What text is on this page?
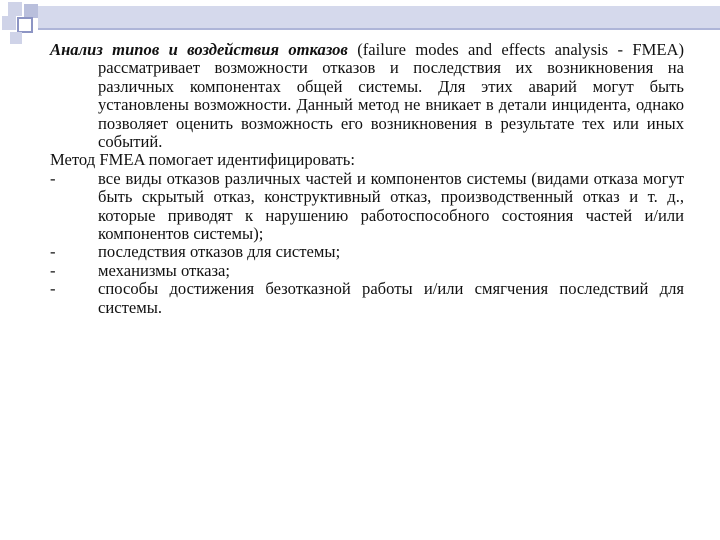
Анализ типов и воздействия отказов (failure modes and effects analysis - FMEA) рассматривает возможности отказов и последствия их возникновения на различных компонентах общей системы. Для этих аварий могут быть установлены возможности. Данный метод не вникает в детали инцидента, однако позволяет оценить возможность его возникновения в результате тех или иных событий.

Метод FMEA помогает идентифицировать:

-	все виды отказов различных частей и компонентов системы (видами отказа могут быть скрытый отказ, конструктивный отказ, производственный отказ и т. д., которые приводят к нарушению работоспособного состояния частей и/или компонентов системы);
-	последствия отказов для системы;
-	механизмы отказа;
-	способы достижения безотказной работы и/или смягчения последствий для системы.
